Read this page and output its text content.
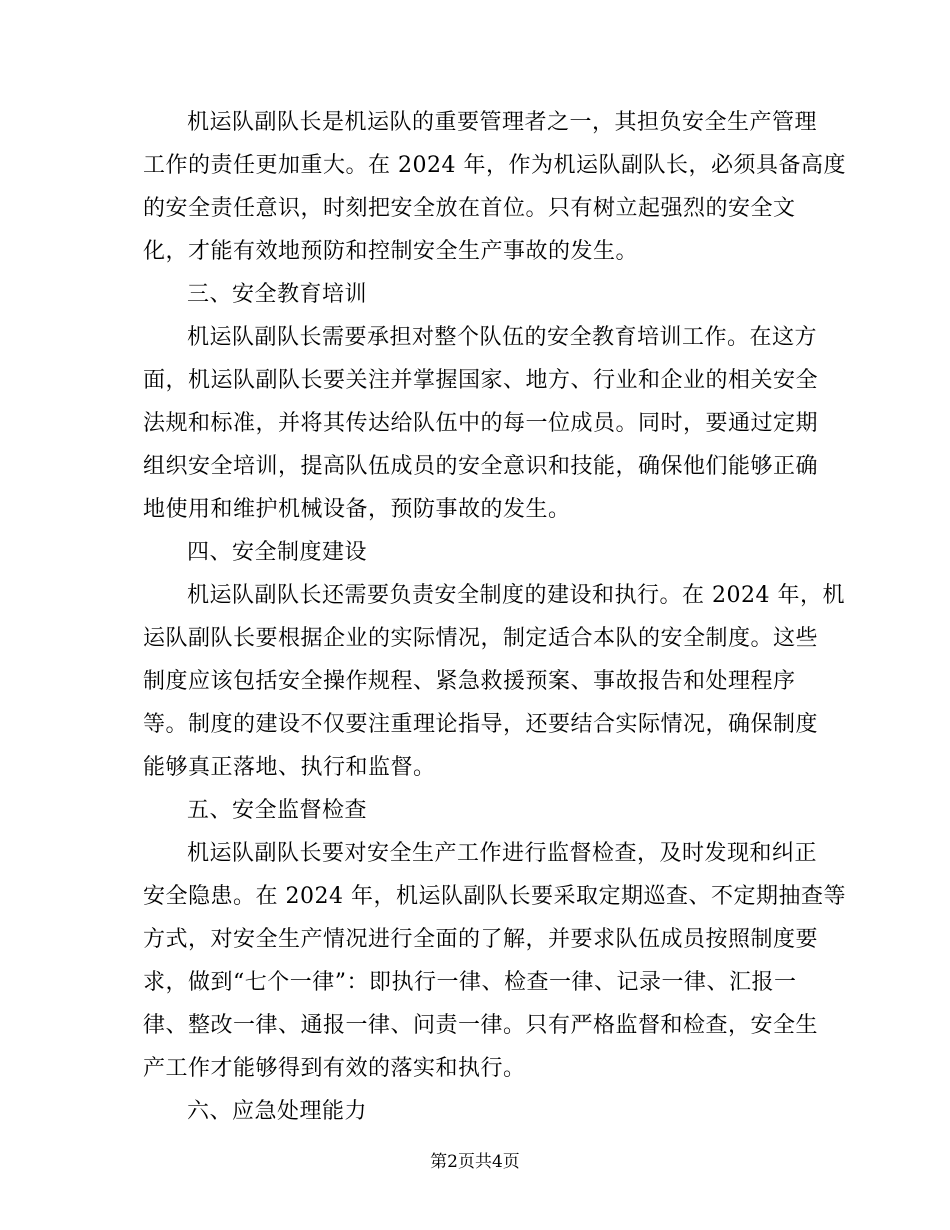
机运队副队长是机运队的重要管理者之一，其担负安全生产管理
工作的责任更加重大。在 2024 年，作为机运队副队长，必须具备高度
的安全责任意识，时刻把安全放在首位。只有树立起强烈的安全文
化，才能有效地预防和控制安全生产事故的发生。
三、安全教育培训
机运队副队长需要承担对整个队伍的安全教育培训工作。在这方
面，机运队副队长要关注并掌握国家、地方、行业和企业的相关安全
法规和标准，并将其传达给队伍中的每一位成员。同时，要通过定期
组织安全培训，提高队伍成员的安全意识和技能，确保他们能够正确
地使用和维护机械设备，预防事故的发生。
四、安全制度建设
机运队副队长还需要负责安全制度的建设和执行。在 2024 年，机
运队副队长要根据企业的实际情况，制定适合本队的安全制度。这些
制度应该包括安全操作规程、紧急救援预案、事故报告和处理程序
等。制度的建设不仅要注重理论指导，还要结合实际情况，确保制度
能够真正落地、执行和监督。
五、安全监督检查
机运队副队长要对安全生产工作进行监督检查，及时发现和纠正
安全隐患。在 2024 年，机运队副队长要采取定期巡查、不定期抽查等
方式，对安全生产情况进行全面的了解，并要求队伍成员按照制度要
求，做到“七个一律”：即执行一律、检查一律、记录一律、汇报一
律、整改一律、通报一律、问责一律。只有严格监督和检查，安全生
产工作才能够得到有效的落实和执行。
六、应急处理能力
第2页共4页
